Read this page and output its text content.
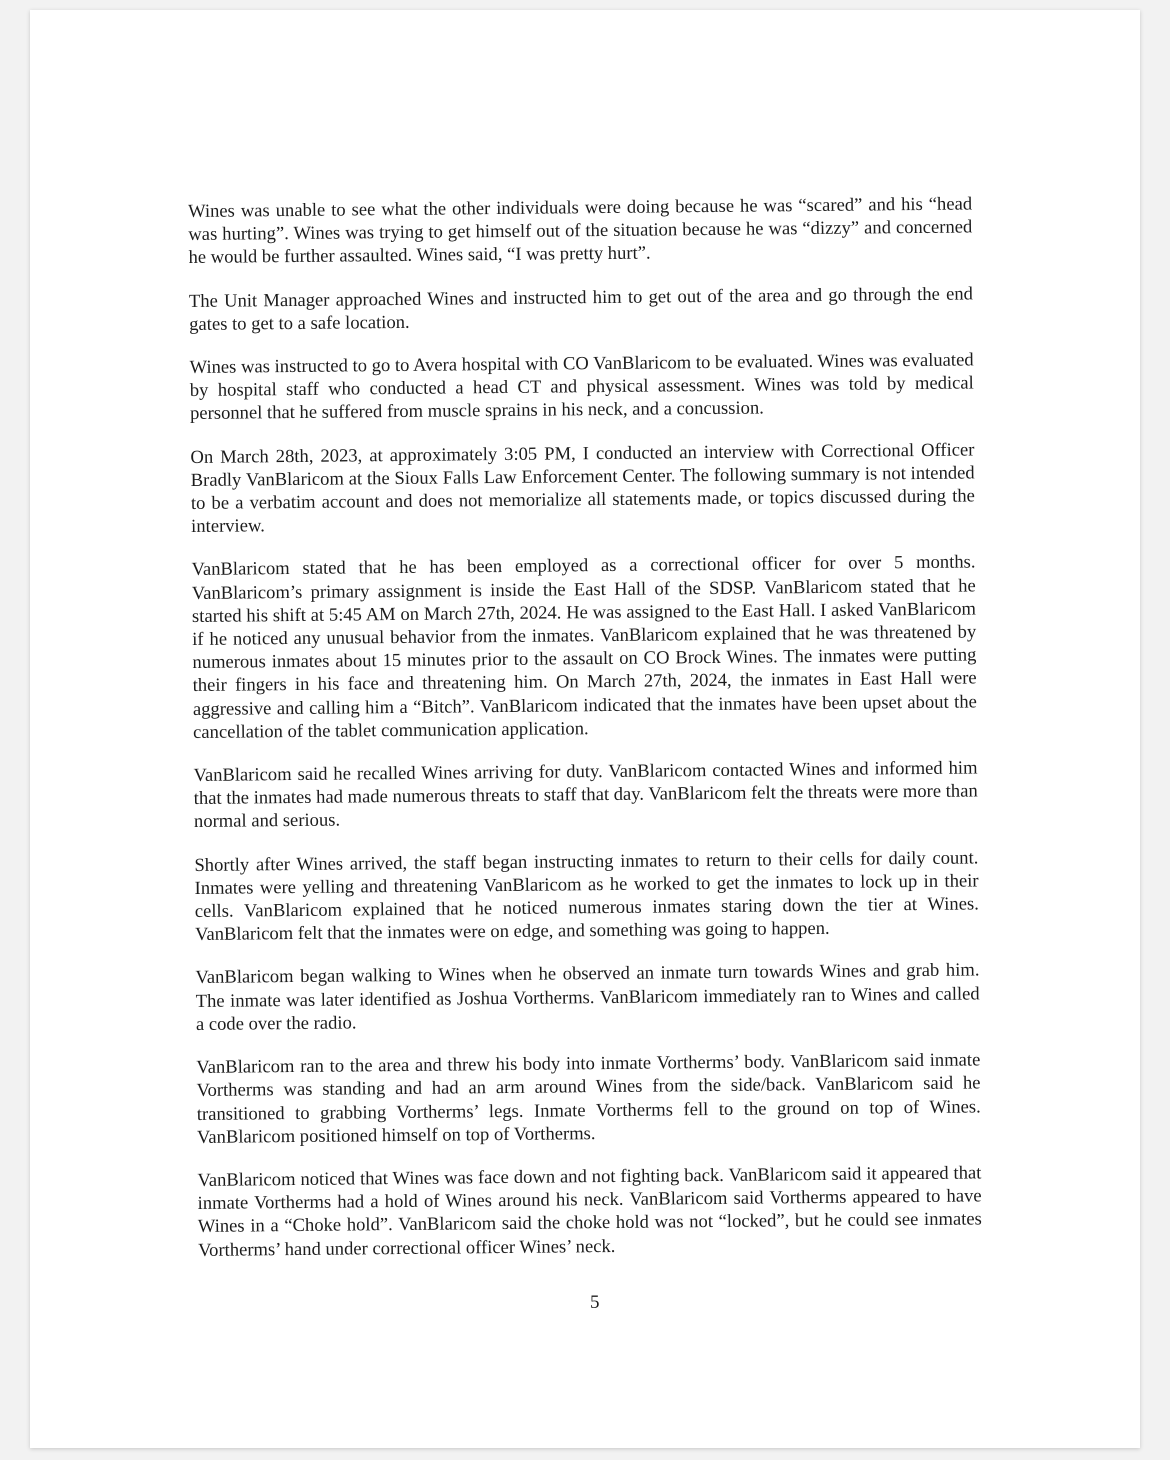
Wines was unable to see what the other individuals were doing because he was “scared” and his “head was hurting”. Wines was trying to get himself out of the situation because he was “dizzy” and concerned he would be further assaulted. Wines said, “I was pretty hurt”.

The Unit Manager approached Wines and instructed him to get out of the area and go through the end gates to get to a safe location.

Wines was instructed to go to Avera hospital with CO VanBlaricom to be evaluated. Wines was evaluated by hospital staff who conducted a head CT and physical assessment. Wines was told by medical personnel that he suffered from muscle sprains in his neck, and a concussion.

On March 28th, 2023, at approximately 3:05 PM, I conducted an interview with Correctional Officer Bradly VanBlaricom at the Sioux Falls Law Enforcement Center. The following summary is not intended to be a verbatim account and does not memorialize all statements made, or topics discussed during the interview.

VanBlaricom stated that he has been employed as a correctional officer for over 5 months. VanBlaricom’s primary assignment is inside the East Hall of the SDSP. VanBlaricom stated that he started his shift at 5:45 AM on March 27th, 2024. He was assigned to the East Hall. I asked VanBlaricom if he noticed any unusual behavior from the inmates. VanBlaricom explained that he was threatened by numerous inmates about 15 minutes prior to the assault on CO Brock Wines. The inmates were putting their fingers in his face and threatening him. On March 27th, 2024, the inmates in East Hall were aggressive and calling him a “Bitch”. VanBlaricom indicated that the inmates have been upset about the cancellation of the tablet communication application.

VanBlaricom said he recalled Wines arriving for duty. VanBlaricom contacted Wines and informed him that the inmates had made numerous threats to staff that day. VanBlaricom felt the threats were more than normal and serious.

Shortly after Wines arrived, the staff began instructing inmates to return to their cells for daily count. Inmates were yelling and threatening VanBlaricom as he worked to get the inmates to lock up in their cells. VanBlaricom explained that he noticed numerous inmates staring down the tier at Wines. VanBlaricom felt that the inmates were on edge, and something was going to happen.

VanBlaricom began walking to Wines when he observed an inmate turn towards Wines and grab him. The inmate was later identified as Joshua Vortherms. VanBlaricom immediately ran to Wines and called a code over the radio.

VanBlaricom ran to the area and threw his body into inmate Vortherms’ body. VanBlaricom said inmate Vortherms was standing and had an arm around Wines from the side/back. VanBlaricom said he transitioned to grabbing Vortherms’ legs. Inmate Vortherms fell to the ground on top of Wines. VanBlaricom positioned himself on top of Vortherms.

VanBlaricom noticed that Wines was face down and not fighting back. VanBlaricom said it appeared that inmate Vortherms had a hold of Wines around his neck. VanBlaricom said Vortherms appeared to have Wines in a “Choke hold”. VanBlaricom said the choke hold was not “locked”, but he could see inmates Vortherms’ hand under correctional officer Wines’ neck.

5
